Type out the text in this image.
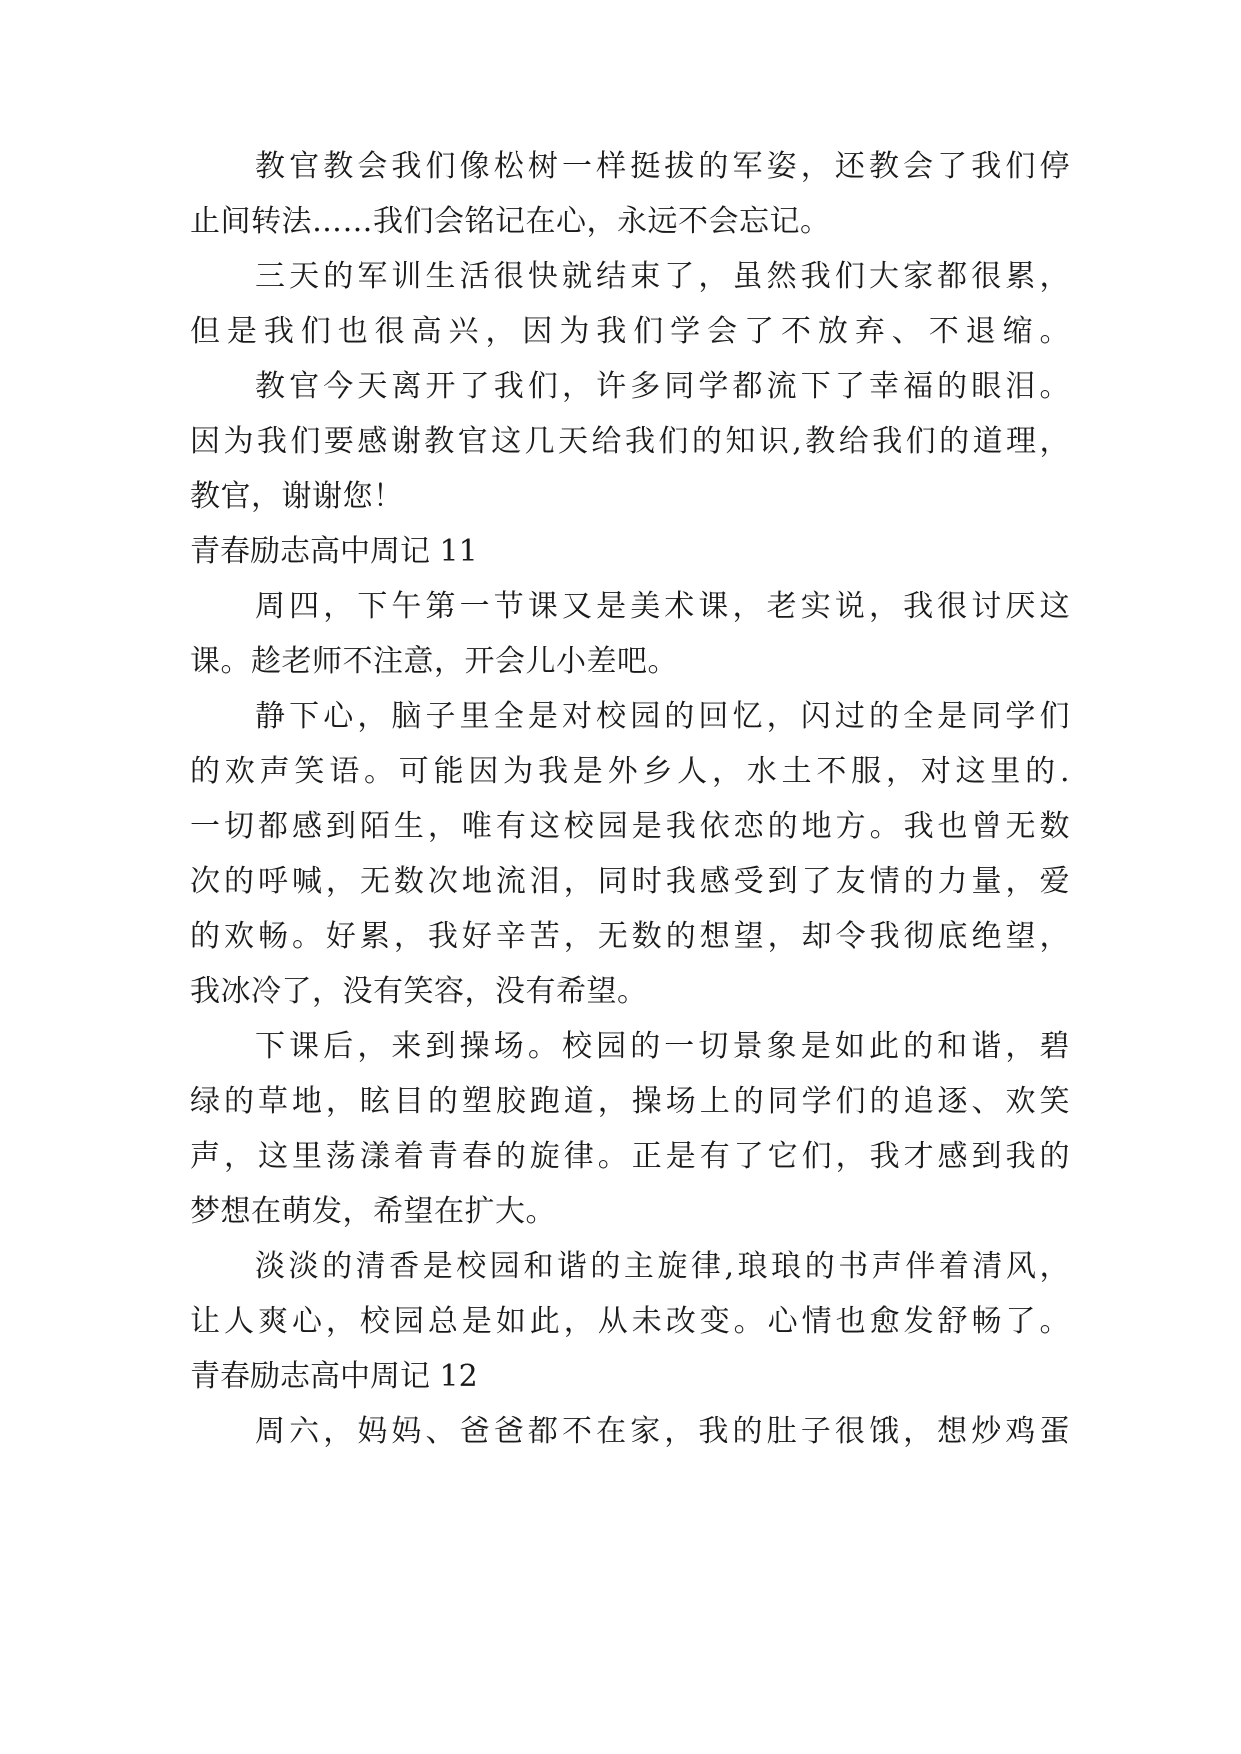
教官教会我们像松树一样挺拔的军姿，还教会了我们停
止间转法……我们会铭记在心，永远不会忘记。
三天的军训生活很快就结束了，虽然我们大家都很累，
但是我们也很高兴，因为我们学会了不放弃、不退缩。
教官今天离开了我们，许多同学都流下了幸福的眼泪。
因为我们要感谢教官这几天给我们的知识,教给我们的道理，
教官，谢谢您！
青春励志高中周记 11
周四，下午第一节课又是美术课，老实说，我很讨厌这
课。趁老师不注意，开会儿小差吧。
静下心，脑子里全是对校园的回忆，闪过的全是同学们
的欢声笑语。可能因为我是外乡人，水土不服，对这里的.
一切都感到陌生，唯有这校园是我依恋的地方。我也曾无数
次的呼喊，无数次地流泪，同时我感受到了友情的力量，爱
的欢畅。好累，我好辛苦，无数的想望，却令我彻底绝望，
我冰冷了，没有笑容，没有希望。
下课后，来到操场。校园的一切景象是如此的和谐，碧
绿的草地，眩目的塑胶跑道，操场上的同学们的追逐、欢笑
声，这里荡漾着青春的旋律。正是有了它们，我才感到我的
梦想在萌发，希望在扩大。
淡淡的清香是校园和谐的主旋律,琅琅的书声伴着清风，
让人爽心，校园总是如此，从未改变。心情也愈发舒畅了。
青春励志高中周记 12
周六，妈妈、爸爸都不在家，我的肚子很饿，想炒鸡蛋
